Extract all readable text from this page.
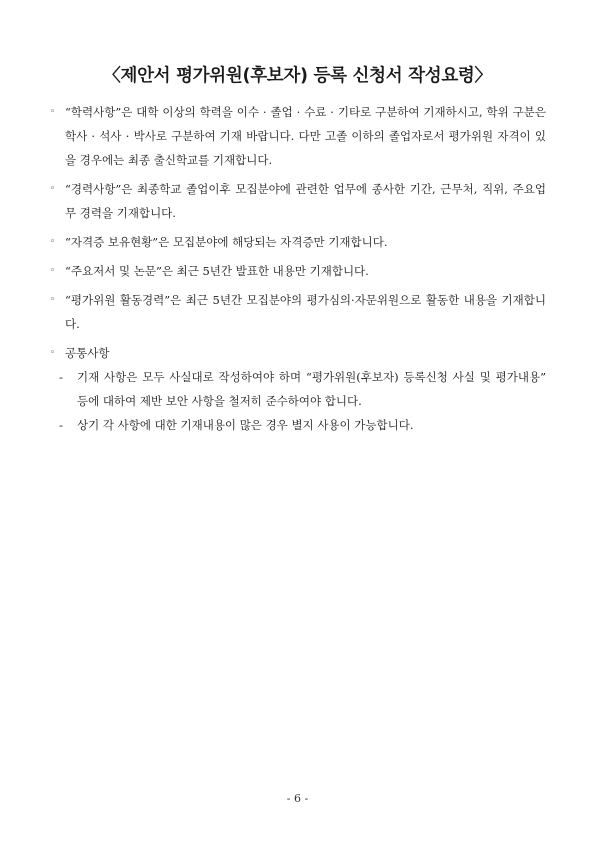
〈제안서 평가위원(후보자) 등록 신청서 작성요령〉
◦ “학력사항”은 대학 이상의 학력을 이수 · 졸업 · 수료 · 기타로 구분하여 기재하시고, 학위 구분은 학사 · 석사 · 박사로 구분하여 기재 바랍니다. 다만 고졸 이하의 졸업자로서 평가위원 자격이 있을 경우에는 최종 출신학교를 기재합니다.
◦ “경력사항”은 최종학교 졸업이후 모집분야에 관련한 업무에 종사한 기간, 근무처, 직위, 주요업무 경력을 기재합니다.
◦ “자격증 보유현황”은 모집분야에 해당되는 자격증만 기재합니다.
◦ “주요저서 및 논문”은 최근 5년간 발표한 내용만 기재합니다.
◦ “평가위원 활동경력”은 최근 5년간 모집분야의 평가심의·자문위원으로 활동한 내용을 기재합니다.
◦ 공통사항
- 기재 사항은 모두 사실대로 작성하여야 하며 “평가위원(후보자) 등록신청 사실 및 평가내용” 등에 대하여 제반 보안 사항을 철저히 준수하여야 합니다.
- 상기 각 사항에 대한 기재내용이 많은 경우 별지 사용이 가능합니다.
- 6 -
